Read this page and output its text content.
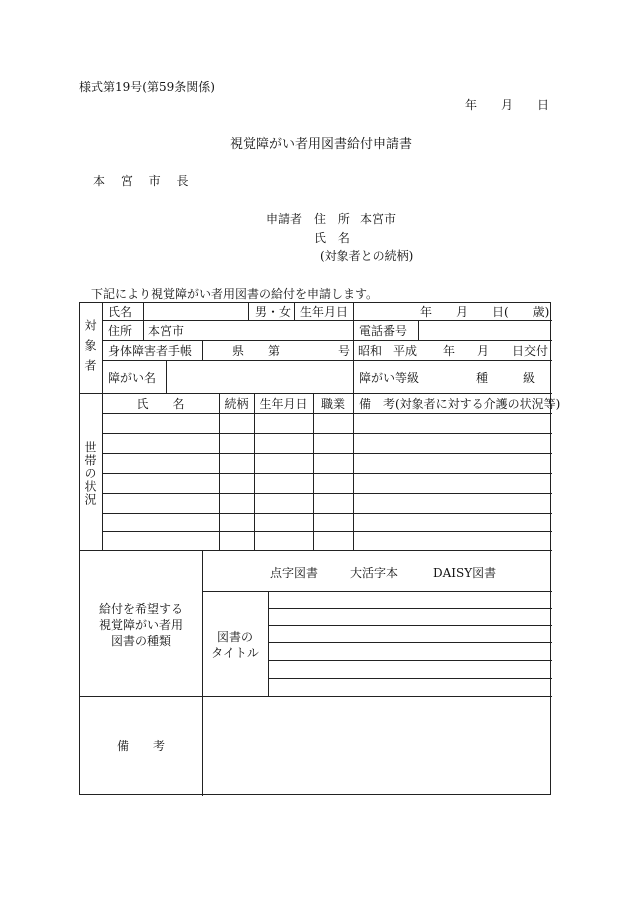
様式第19号(第59条関係)
年 月 日
視覚障がい者用図書給付申請書
本 宮 市 長
申請者 住 所 本宮市
氏 名
(対象者との続柄)
下記により視覚障がい者用図書の給付を申請します。
対象者
氏名	男・女 生年月日	年　　月　　日(　　歳)
住所 本宮市	電話番号
身体障害者手帳	県 第	号 昭和 平成 年 月 日交付
障がい名	障がい等級	種	級
世帯の状況
氏　　名	続柄 生年月日	職業	備　考(対象者に対する介護の状況等)
給付を希望する
視覚障がい者用
図書の種類
点字図書	大活字本	DAISY図書
図書の
タイトル
備　　考
